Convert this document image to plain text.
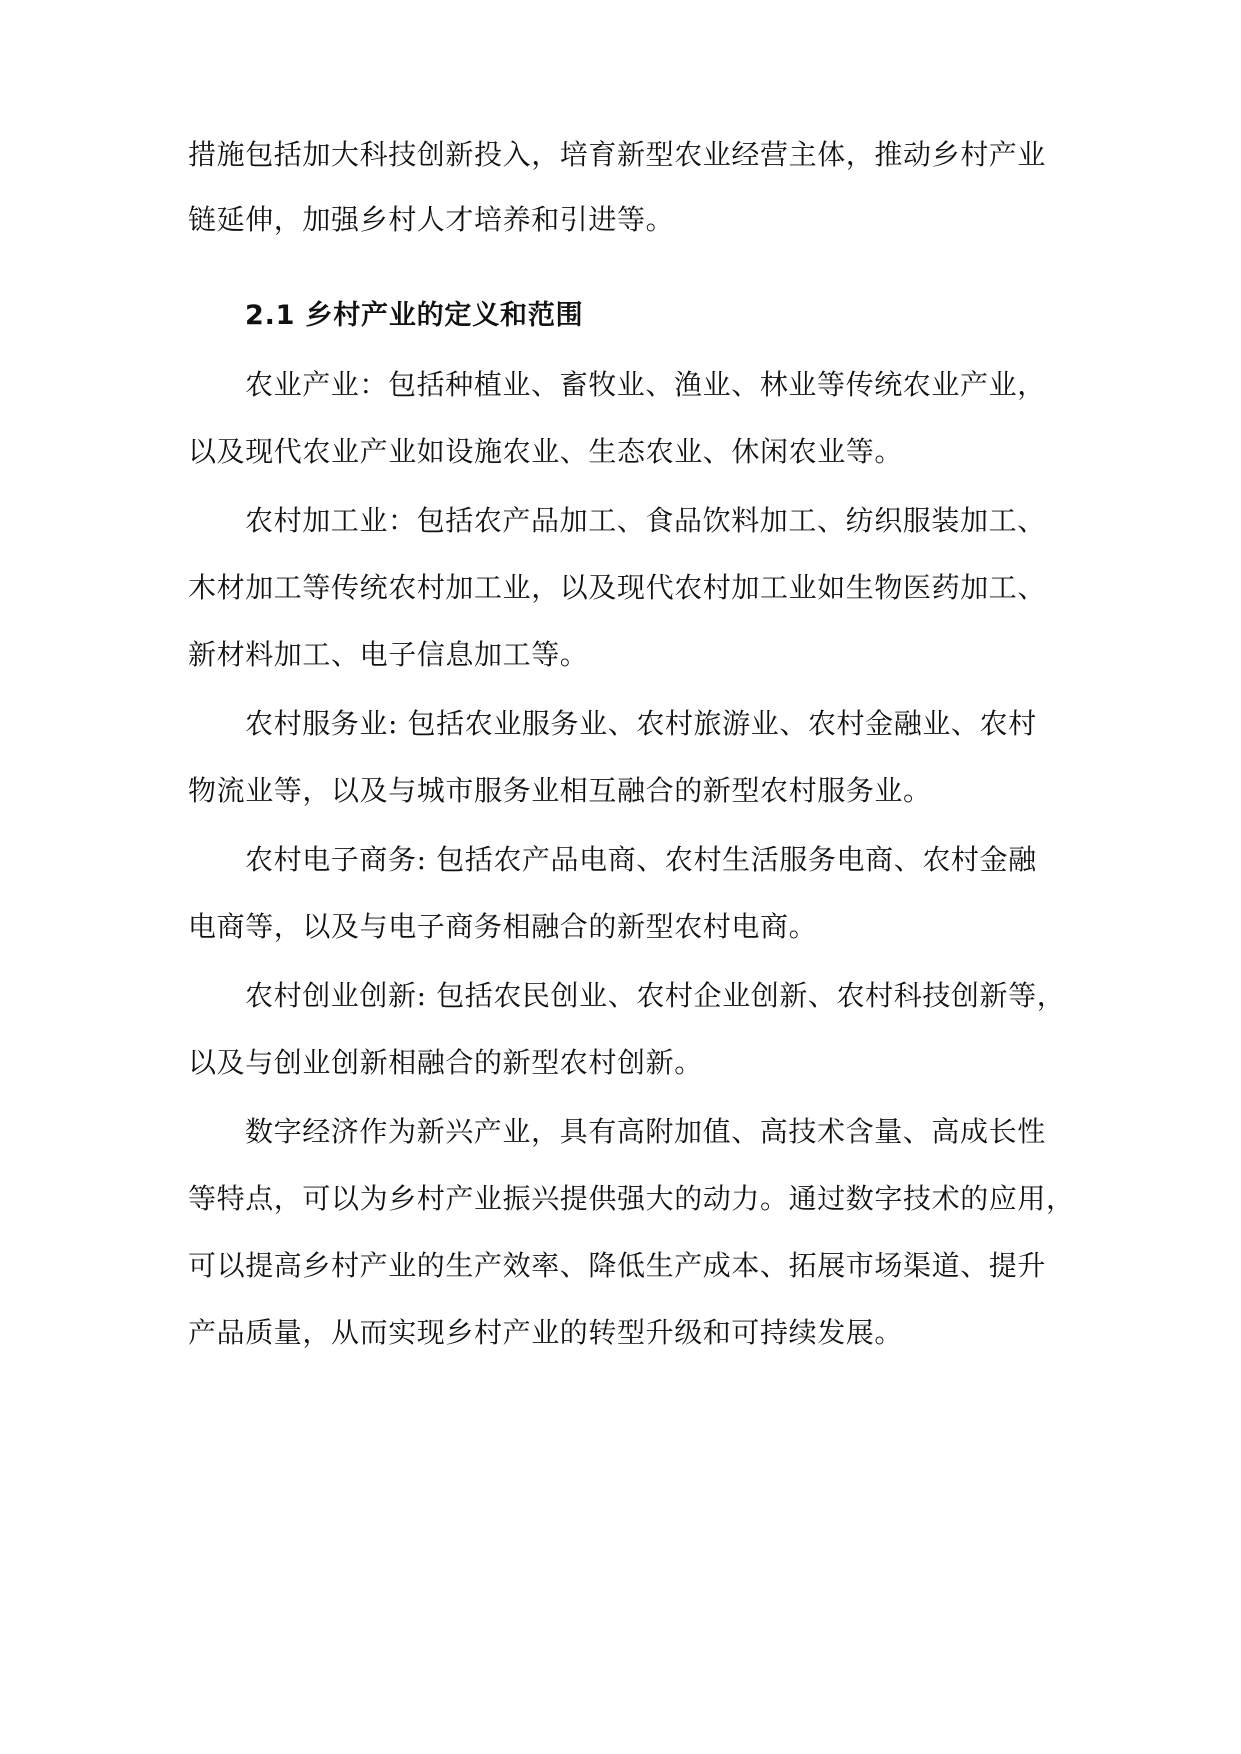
措施包括加大科技创新投入，培育新型农业经营主体，推动乡村产业
链延伸，加强乡村人才培养和引进等。
2.1 乡村产业的定义和范围
农业产业：包括种植业、畜牧业、渔业、林业等传统农业产业，
以及现代农业产业如设施农业、生态农业、休闲农业等。
农村加工业：包括农产品加工、食品饮料加工、纺织服装加工、
木材加工等传统农村加工业，以及现代农村加工业如生物医药加工、
新材料加工、电子信息加工等。
农村服务业: 包括农业服务业、农村旅游业、农村金融业、农村
物流业等，以及与城市服务业相互融合的新型农村服务业。
农村电子商务: 包括农产品电商、农村生活服务电商、农村金融
电商等，以及与电子商务相融合的新型农村电商。
农村创业创新: 包括农民创业、农村企业创新、农村科技创新等，
以及与创业创新相融合的新型农村创新。
数字经济作为新兴产业，具有高附加值、高技术含量、高成长性
等特点，可以为乡村产业振兴提供强大的动力。通过数字技术的应用，
可以提高乡村产业的生产效率、降低生产成本、拓展市场渠道、提升
产品质量，从而实现乡村产业的转型升级和可持续发展。
